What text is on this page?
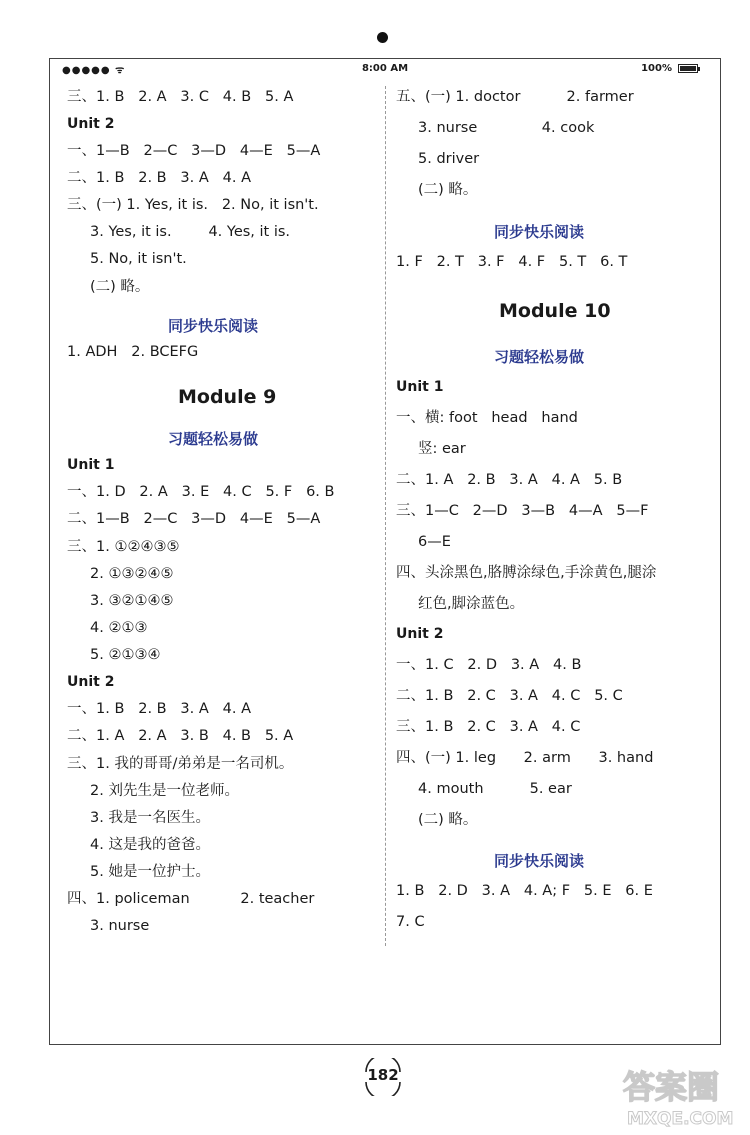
●●●●● ᯤ	8:00 AM	100%
三、1. B   2. A   3. C   4. B   5. A
Unit 2
一、1—B   2—C   3—D   4—E   5—A
二、1. B   2. B   3. A   4. A
三、(一) 1. Yes, it is.   2. No, it isn't.
3. Yes, it is.        4. Yes, it is.
5. No, it isn't.
(二) 略。
同步快乐阅读
1. ADH   2. BCEFG
Module 9
习题轻松易做
Unit 1
一、1. D   2. A   3. E   4. C   5. F   6. B
二、1—B   2—C   3—D   4—E   5—A
三、1. ①②④③⑤
2. ①③②④⑤
3. ③②①④⑤
4. ②①③
5. ②①③④
Unit 2
一、1. B   2. B   3. A   4. A
二、1. A   2. A   3. B   4. B   5. A
三、1. 我的哥哥/弟弟是一名司机。
2. 刘先生是一位老师。
3. 我是一名医生。
4. 这是我的爸爸。
5. 她是一位护士。
四、1. policeman           2. teacher
3. nurse
五、(一) 1. doctor          2. farmer
3. nurse              4. cook
5. driver
(二) 略。
同步快乐阅读
1. F   2. T   3. F   4. F   5. T   6. T
Module 10
习题轻松易做
Unit 1
一、横: foot   head   hand
竖: ear
二、1. A   2. B   3. A   4. A   5. B
三、1—C   2—D   3—B   4—A   5—F
6—E
四、头涂黑色,胳膊涂绿色,手涂黄色,腿涂
红色,脚涂蓝色。
Unit 2
一、1. C   2. D   3. A   4. B
二、1. B   2. C   3. A   4. C   5. C
三、1. B   2. C   3. A   4. C
四、(一) 1. leg      2. arm      3. hand
4. mouth          5. ear
(二) 略。
同步快乐阅读
1. B   2. D   3. A   4. A; F   5. E   6. E
7. C
182	答案圈
MXQE.COM
